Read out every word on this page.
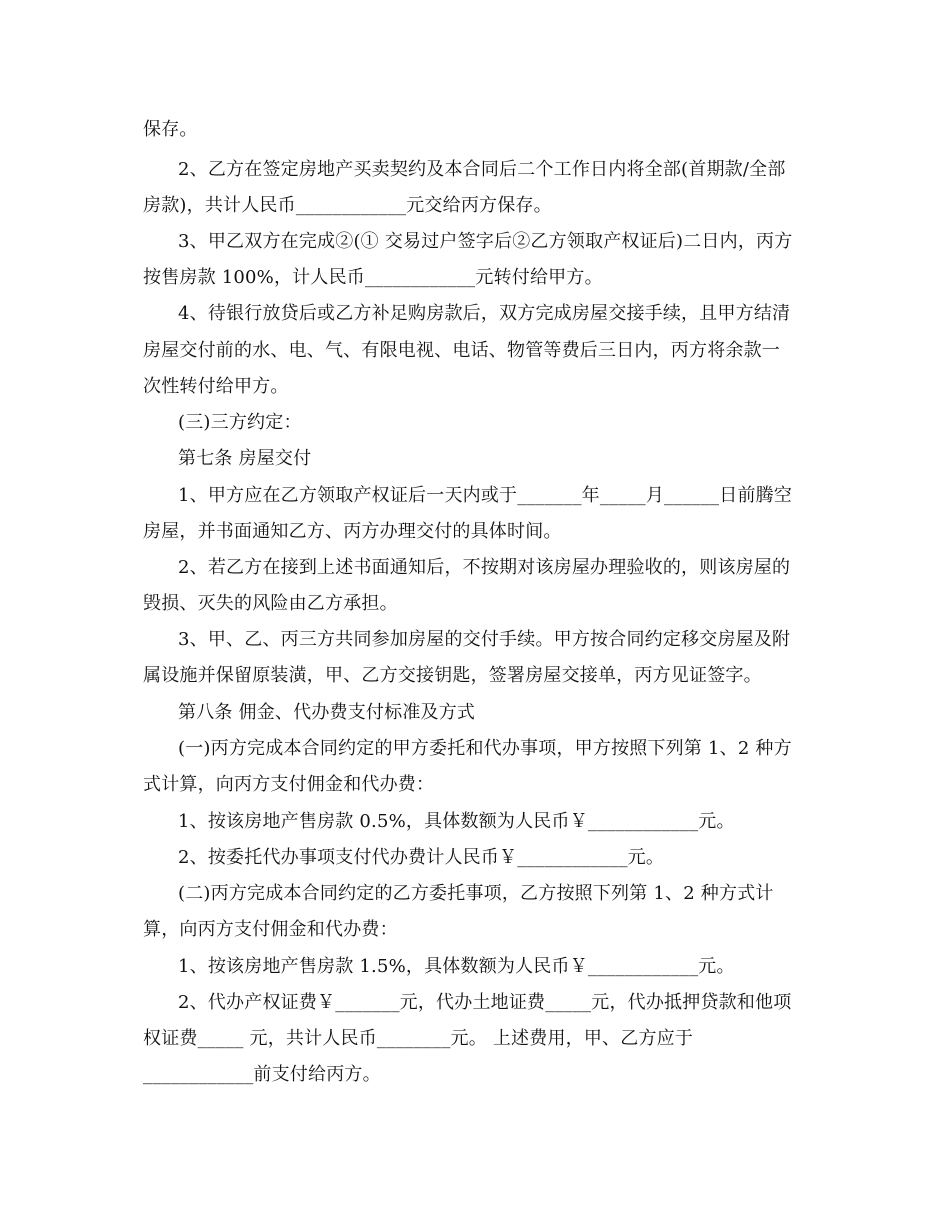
保存。
2、乙方在签定房地产买卖契约及本合同后二个工作日内将全部(首期款/全部
房款)，共计人民币____________元交给丙方保存。
3、甲乙双方在完成②(① 交易过户签字后②乙方领取产权证后)二日内，丙方
按售房款 100%，计人民币____________元转付给甲方。
4、待银行放贷后或乙方补足购房款后，双方完成房屋交接手续，且甲方结清
房屋交付前的水、电、气、有限电视、电话、物管等费后三日内，丙方将余款一
次性转付给甲方。
(三)三方约定：
第七条 房屋交付
1、甲方应在乙方领取产权证后一天内或于_______年_____月______日前腾空
房屋，并书面通知乙方、丙方办理交付的具体时间。
2、若乙方在接到上述书面通知后，不按期对该房屋办理验收的，则该房屋的
毁损、灭失的风险由乙方承担。
3、甲、乙、丙三方共同参加房屋的交付手续。甲方按合同约定移交房屋及附
属设施并保留原装潢，甲、乙方交接钥匙，签署房屋交接单，丙方见证签字。
第八条 佣金、代办费支付标准及方式
(一)丙方完成本合同约定的甲方委托和代办事项，甲方按照下列第 1、2 种方
式计算，向丙方支付佣金和代办费：
1、按该房地产售房款 0.5%，具体数额为人民币￥____________元。
2、按委托代办事项支付代办费计人民币￥____________元。
(二)丙方完成本合同约定的乙方委托事项，乙方按照下列第 1、2 种方式计
算，向丙方支付佣金和代办费：
1、按该房地产售房款 1.5%，具体数额为人民币￥____________元。
2、代办产权证费￥_______元，代办土地证费_____元，代办抵押贷款和他项
权证费_____ 元，共计人民币________元。 上述费用，甲、乙方应于
____________前支付给丙方。
